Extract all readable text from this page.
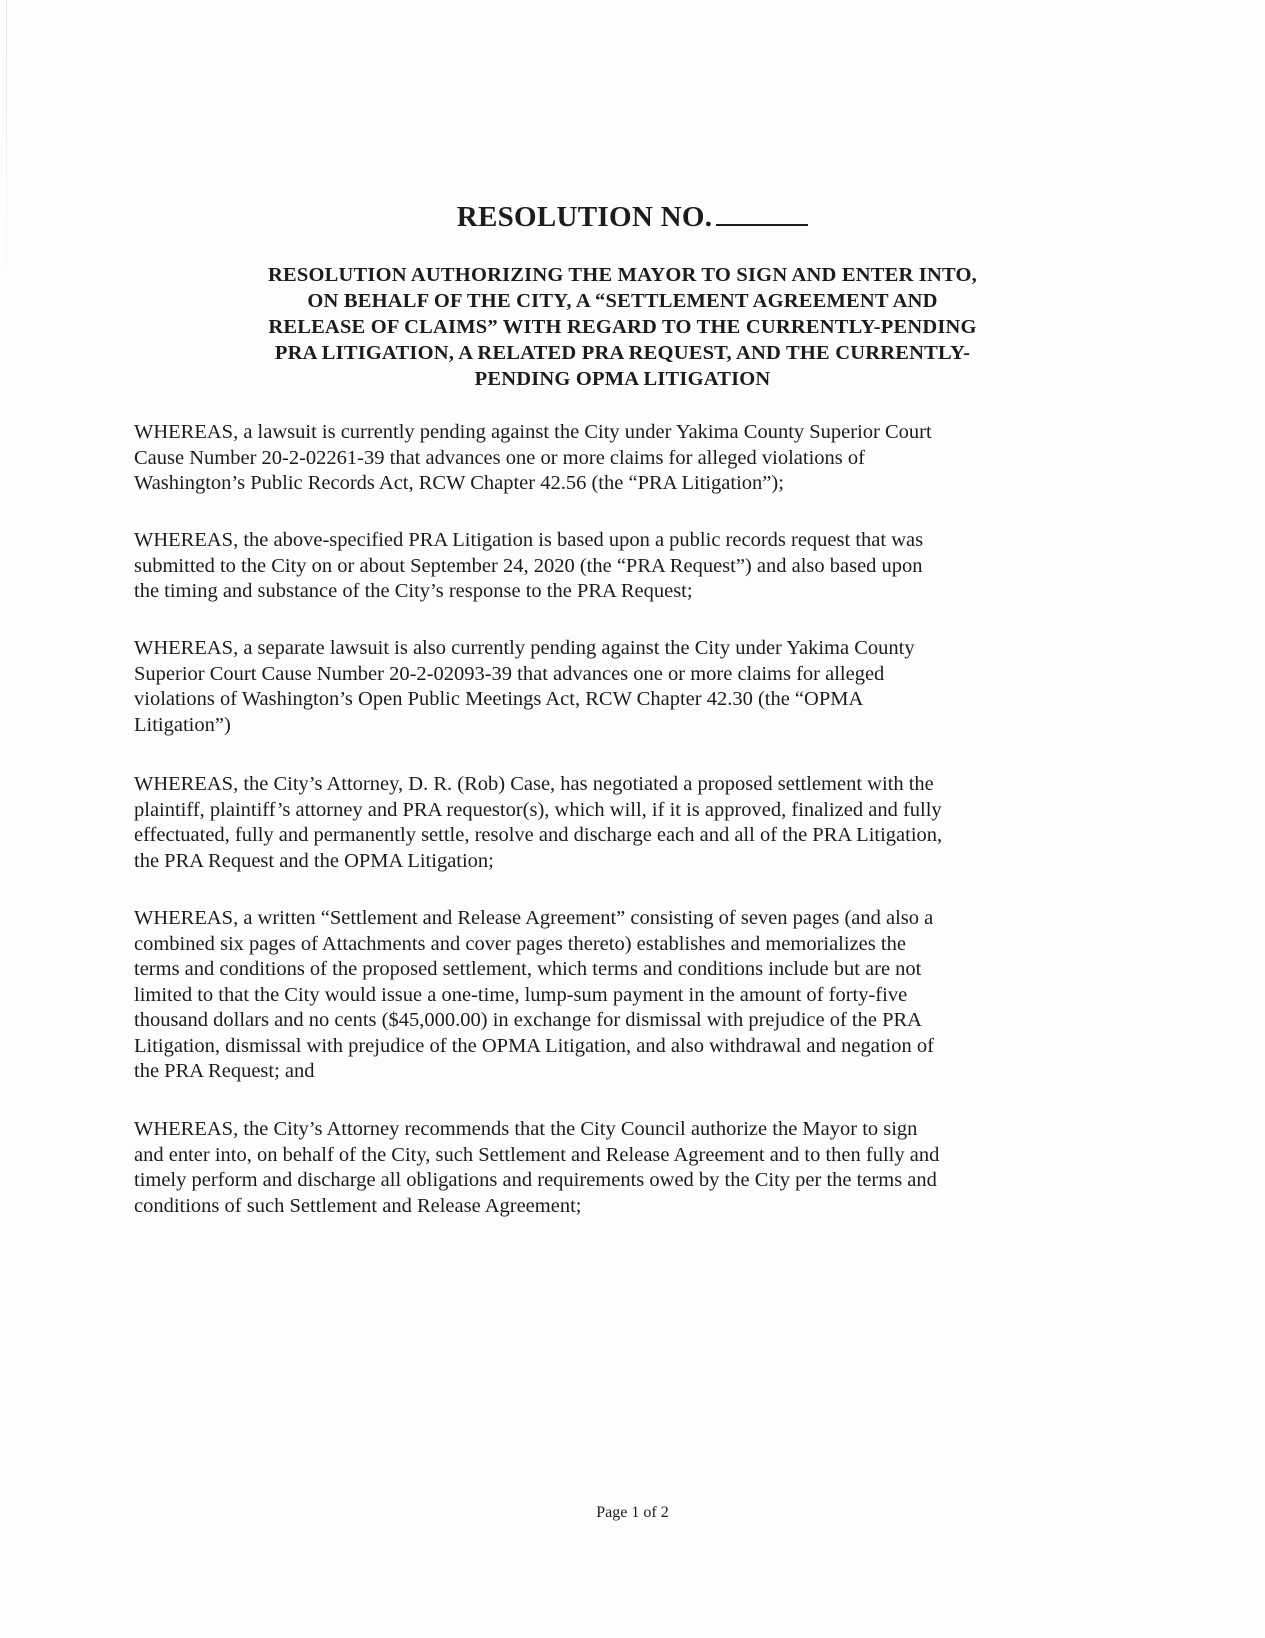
RESOLUTION NO.
RESOLUTION AUTHORIZING THE MAYOR TO SIGN AND ENTER INTO,
ON BEHALF OF THE CITY, A “SETTLEMENT AGREEMENT AND
RELEASE OF CLAIMS” WITH REGARD TO THE CURRENTLY-PENDING
PRA LITIGATION, A RELATED PRA REQUEST, AND THE CURRENTLY-
PENDING OPMA LITIGATION
WHEREAS, a lawsuit is currently pending against the City under Yakima County Superior Court
Cause Number 20-2-02261-39 that advances one or more claims for alleged violations of
Washington’s Public Records Act, RCW Chapter 42.56 (the “PRA Litigation”);
WHEREAS, the above-specified PRA Litigation is based upon a public records request that was
submitted to the City on or about September 24, 2020 (the “PRA Request”) and also based upon
the timing and substance of the City’s response to the PRA Request;
WHEREAS, a separate lawsuit is also currently pending against the City under Yakima County
Superior Court Cause Number 20-2-02093-39 that advances one or more claims for alleged
violations of Washington’s Open Public Meetings Act, RCW Chapter 42.30 (the “OPMA
Litigation”)
WHEREAS, the City’s Attorney, D. R. (Rob) Case, has negotiated a proposed settlement with the
plaintiff, plaintiff’s attorney and PRA requestor(s), which will, if it is approved, finalized and fully
effectuated, fully and permanently settle, resolve and discharge each and all of the PRA Litigation,
the PRA Request and the OPMA Litigation;
WHEREAS, a written “Settlement and Release Agreement” consisting of seven pages (and also a
combined six pages of Attachments and cover pages thereto) establishes and memorializes the
terms and conditions of the proposed settlement, which terms and conditions include but are not
limited to that the City would issue a one-time, lump-sum payment in the amount of forty-five
thousand dollars and no cents ($45,000.00) in exchange for dismissal with prejudice of the PRA
Litigation, dismissal with prejudice of the OPMA Litigation, and also withdrawal and negation of
the PRA Request; and
WHEREAS, the City’s Attorney recommends that the City Council authorize the Mayor to sign
and enter into, on behalf of the City, such Settlement and Release Agreement and to then fully and
timely perform and discharge all obligations and requirements owed by the City per the terms and
conditions of such Settlement and Release Agreement;
Page 1 of 2
